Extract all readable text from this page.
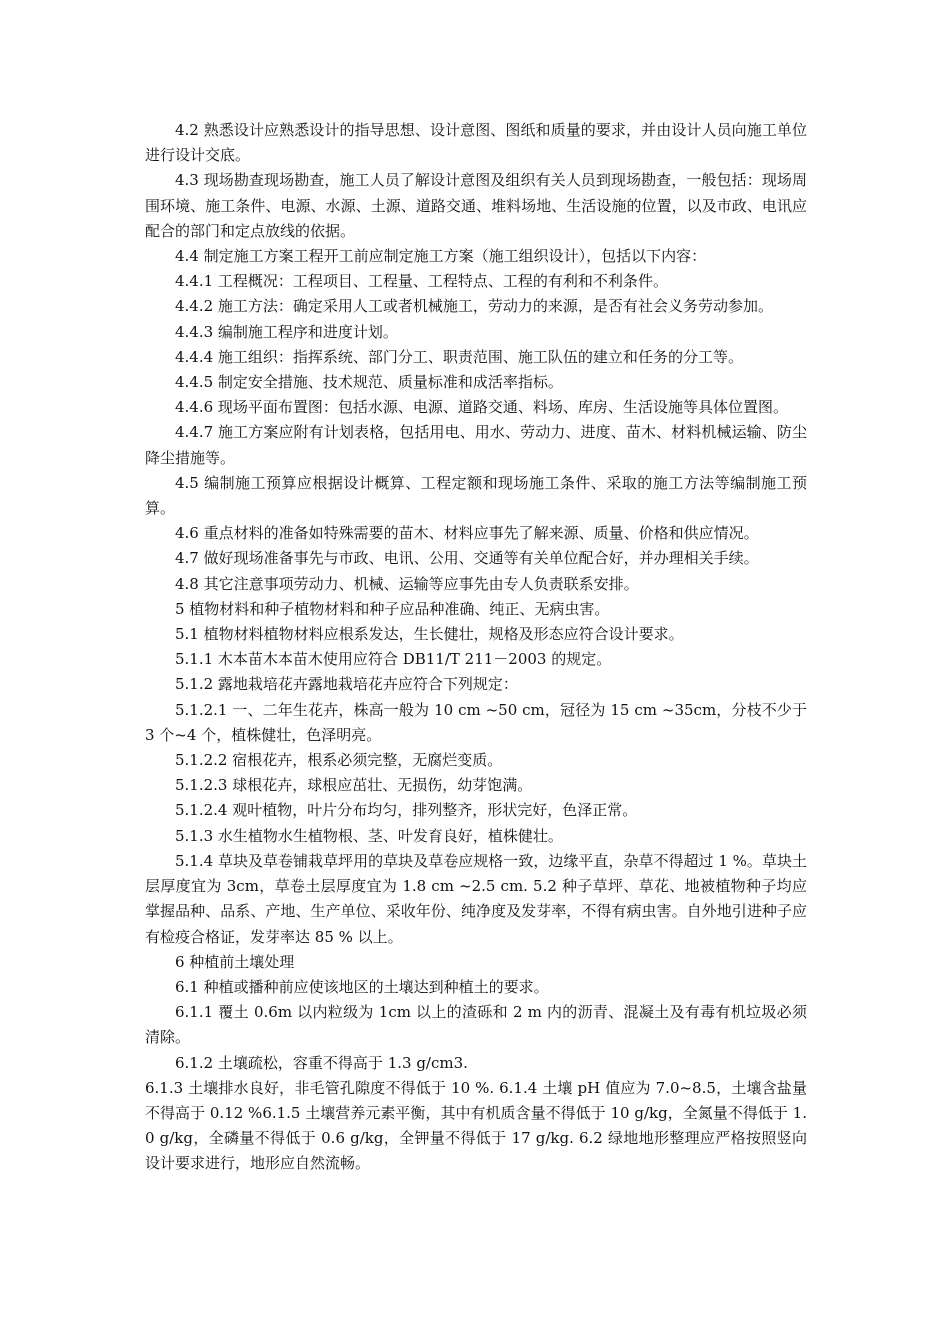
4.2 熟悉设计应熟悉设计的指导思想、设计意图、图纸和质量的要求，并由设计人员向施工单位进行设计交底。

4.3 现场勘查现场勘查，施工人员了解设计意图及组织有关人员到现场勘查，一般包括：现场周围环境、施工条件、电源、水源、土源、道路交通、堆料场地、生活设施的位置，以及市政、电讯应配合的部门和定点放线的依据。

4.4 制定施工方案工程开工前应制定施工方案（施工组织设计），包括以下内容：

4.4.1 工程概况：工程项目、工程量、工程特点、工程的有利和不利条件。

4.4.2 施工方法：确定采用人工或者机械施工，劳动力的来源，是否有社会义务劳动参加。

4.4.3 编制施工程序和进度计划。

4.4.4 施工组织：指挥系统、部门分工、职责范围、施工队伍的建立和任务的分工等。

4.4.5 制定安全措施、技术规范、质量标准和成活率指标。

4.4.6 现场平面布置图：包括水源、电源、道路交通、料场、库房、生活设施等具体位置图。

4.4.7 施工方案应附有计划表格，包括用电、用水、劳动力、进度、苗木、材料机械运输、防尘降尘措施等。

4.5 编制施工预算应根据设计概算、工程定额和现场施工条件、采取的施工方法等编制施工预算。

4.6 重点材料的准备如特殊需要的苗木、材料应事先了解来源、质量、价格和供应情况。

4.7 做好现场准备事先与市政、电讯、公用、交通等有关单位配合好，并办理相关手续。

4.8 其它注意事项劳动力、机械、运输等应事先由专人负责联系安排。

5 植物材料和种子植物材料和种子应品种准确、纯正、无病虫害。

5.1 植物材料植物材料应根系发达，生长健壮，规格及形态应符合设计要求。

5.1.1 木本苗木本苗木使用应符合 DB11/T 211－2003 的规定。

5.1.2 露地栽培花卉露地栽培花卉应符合下列规定：

5.1.2.1 一、二年生花卉，株高一般为 10 cm ~50 cm，冠径为 15 cm ~35cm，分枝不少于 3 个~4 个，植株健壮，色泽明亮。

5.1.2.2 宿根花卉，根系必须完整，无腐烂变质。

5.1.2.3 球根花卉，球根应茁壮、无损伤，幼芽饱满。

5.1.2.4 观叶植物，叶片分布均匀，排列整齐，形状完好，色泽正常。

5.1.3 水生植物水生植物根、茎、叶发育良好，植株健壮。

5.1.4 草块及草卷铺栽草坪用的草块及草卷应规格一致，边缘平直，杂草不得超过 1 %。草块土层厚度宜为 3cm，草卷土层厚度宜为 1.8 cm ~2.5 cm. 5.2 种子草坪、草花、地被植物种子均应掌握品种、品系、产地、生产单位、采收年份、纯净度及发芽率，不得有病虫害。自外地引进种子应有检疫合格证，发芽率达 85 % 以上。

6 种植前土壤处理

6.1 种植或播种前应使该地区的土壤达到种植土的要求。

6.1.1 覆土 0.6m 以内粒级为 1cm 以上的渣砾和 2 m 内的沥青、混凝土及有毒有机垃圾必须清除。

6.1.2 土壤疏松，容重不得高于 1.3 g/cm3.

6.1.3 土壤排水良好，非毛管孔隙度不得低于 10 %. 6.1.4 土壤 pH 值应为 7.0~8.5，土壤含盐量不得高于 0.12 %6.1.5 土壤营养元素平衡，其中有机质含量不得低于 10 g/kg，全氮量不得低于 1.0 g/kg，全磷量不得低于 0.6 g/kg，全钾量不得低于 17 g/kg. 6.2 绿地地形整理应严格按照竖向设计要求进行，地形应自然流畅。
